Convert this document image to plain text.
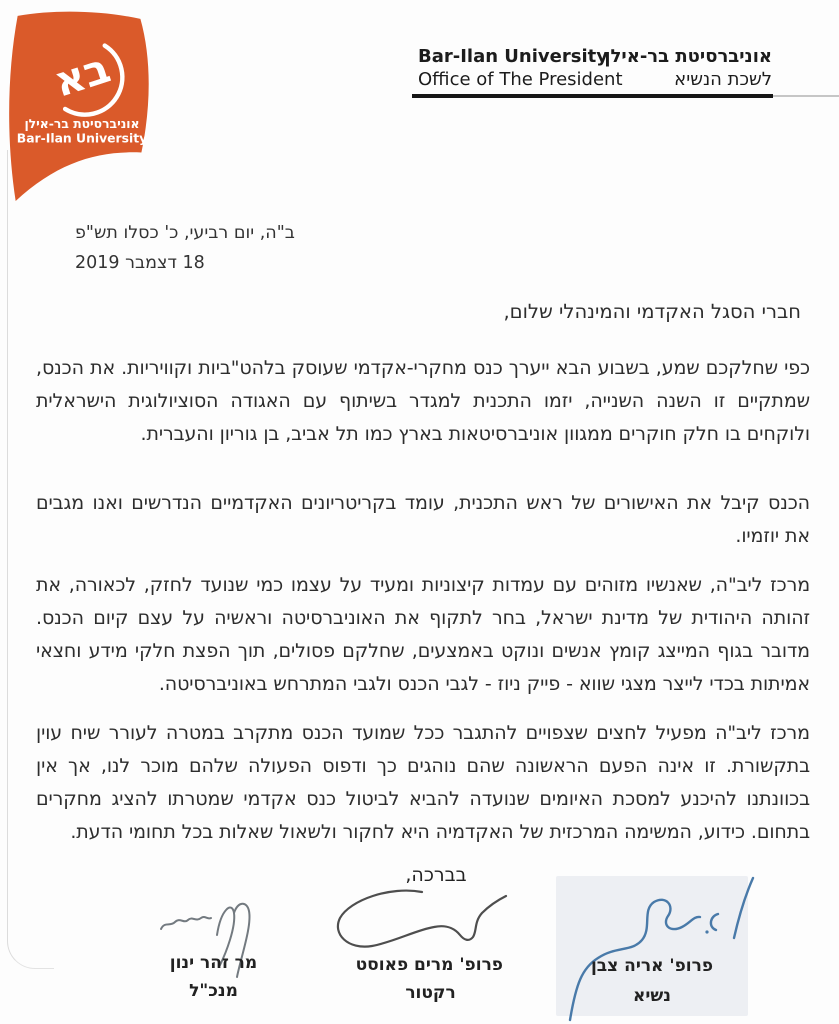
בא
אוניברסיטת בר-אילן
Bar-Ilan University
Bar-Ilan University
Office of The President
אוניברסיטת בר-אילן
לשכת הנשיא
ב"ה, יום רביעי, כ' כסלו תש"פ
18 דצמבר 2019
חברי הסגל האקדמי והמינהלי שלום,

כפי שחלקכם שמע, בשבוע הבא ייערך כנס מחקרי-אקדמי שעוסק בלהט"ביות וקוויריות. את הכנס, שמתקיים זו השנה השנייה, יזמו התכנית למגדר בשיתוף עם האגודה הסוציולוגית הישראלית ולוקחים בו חלק חוקרים ממגוון אוניברסיטאות בארץ כמו תל אביב, בן גוריון והעברית.

הכנס קיבל את האישורים של ראש התכנית, עומד בקריטריונים האקדמיים הנדרשים ואנו מגבים את יוזמיו.

מרכז ליב"ה, שאנשיו מזוהים עם עמדות קיצוניות ומעיד על עצמו כמי שנועד לחזק, לכאורה, את זהותה היהודית של מדינת ישראל, בחר לתקוף את האוניברסיטה וראשיה על עצם קיום הכנס. מדובר בגוף המייצג קומץ אנשים ונוקט באמצעים, שחלקם פסולים, תוך הפצת חלקי מידע וחצאי אמיתות בכדי לייצר מצגי שווא - פייק ניוז - לגבי הכנס ולגבי המתרחש באוניברסיטה.

מרכז ליב"ה מפעיל לחצים שצפויים להתגבר ככל שמועד הכנס מתקרב במטרה לעורר שיח עוין בתקשורת. זו אינה הפעם הראשונה שהם נוהגים כך ודפוס הפעולה שלהם מוכר לנו, אך אין בכוונתנו להיכנע למסכת האיומים שנועדה להביא לביטול כנס אקדמי שמטרתו להציג מחקרים בתחום. כידוע, המשימה המרכזית של האקדמיה היא לחקור ולשאול שאלות בכל תחומי הדעת.

בברכה,
מר זהר ינון
מנכ"ל
פרופ' מרים פאוסט
רקטור
פרופ' אריה צבן
נשיא
